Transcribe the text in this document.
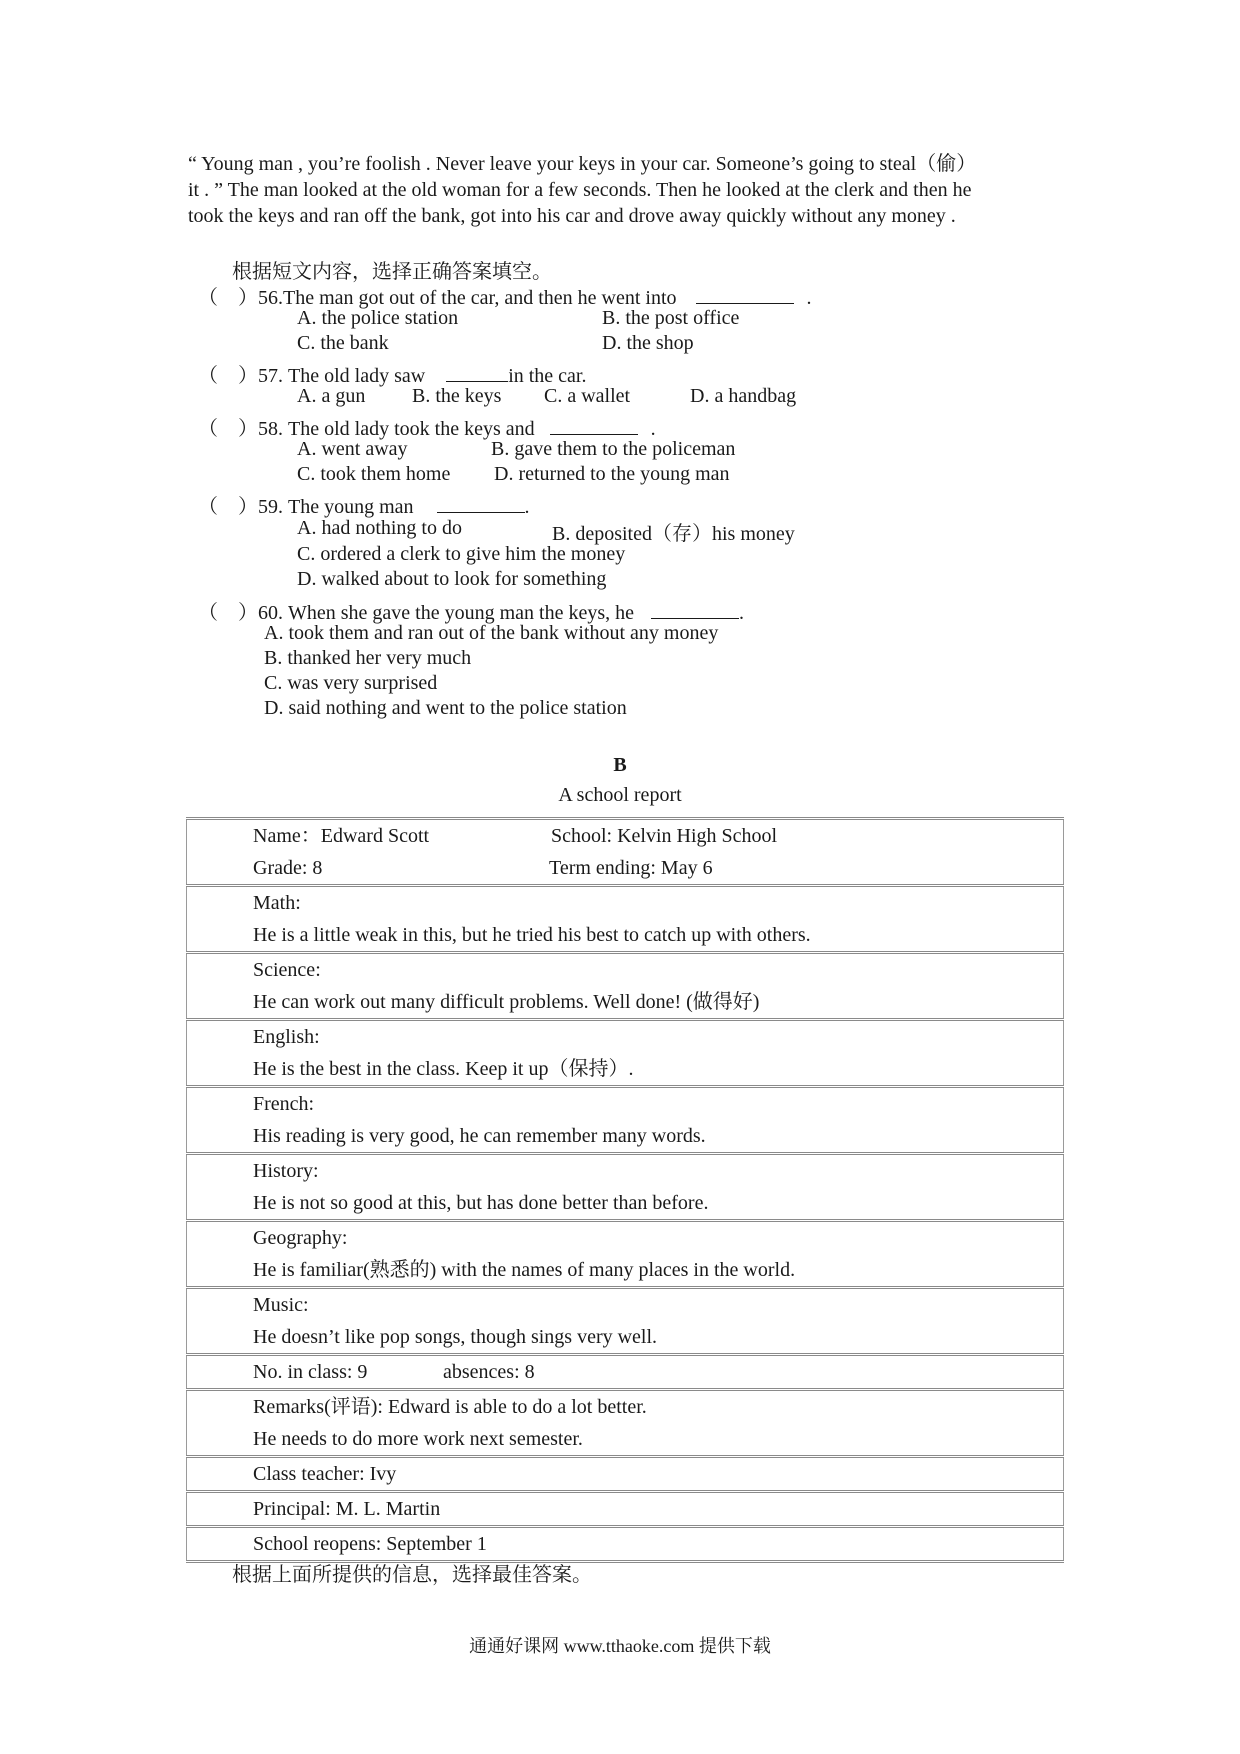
“ Young man , you’re foolish . Never leave your keys in your car. Someone’s going to steal（偷）
it . ” The man looked at the old woman for a few seconds. Then he looked at the clerk and then he
took the keys and ran off the bank, got into his car and drove away quickly without any money .
根据短文内容，选择正确答案填空。
（　）56.The man got out of the car, and then he went into	.
A. the police station	B. the post office
C. the bank	D. the shop
（　）57. The old lady saw	in the car.
A. a gun B. the keys C. a wallet	D. a handbag
（　）58. The old lady took the keys and	.
A. went away	B. gave them to the policeman
C. took them home D. returned to the young man
（　）59. The young man	.
A. had nothing to do	B. deposited（存）his money
C. ordered a clerk to give him the money
D. walked about to look for something
（　）60. When she gave the young man the keys, he	.
A. took them and ran out of the bank without any money
B. thanked her very much
C. was very surprised
D. said nothing and went to the police station
B
A school report
Name：Edward Scott	School: Kelvin High School
Grade: 8	Term ending: May 6

Math:
He is a little weak in this, but he tried his best to catch up with others.

Science:
He can work out many difficult problems. Well done! (做得好)

English:
He is the best in the class. Keep it up（保持）.

French:
His reading is very good, he can remember many words.

History:
He is not so good at this, but has done better than before.

Geography:
He is familiar(熟悉的) with the names of many places in the world.

Music:
He doesn’t like pop songs, though sings very well.

No. in class: 9	absences: 8

Remarks(评语): Edward is able to do a lot better.
He needs to do more work next semester.

Class teacher: Ivy

Principal: M. L. Martin

School reopens: September 1
根据上面所提供的信息，选择最佳答案。
通通好课网 www.tthaoke.com 提供下载
